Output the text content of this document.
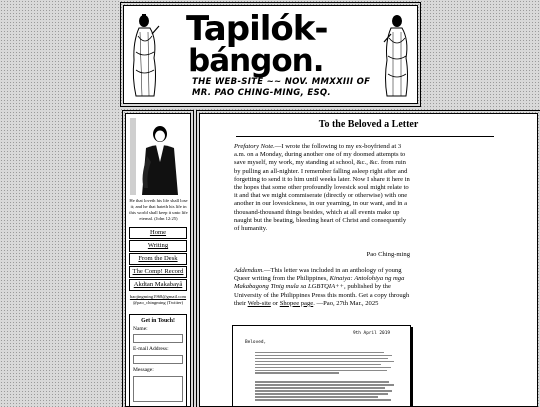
Tapilók-
bángon.
THE WEB-SITE ~~ NOV. MMXXIII OF MR. PAO CHING-MING, ESQ.
He that loveth his life shall lose it; and he that hateth his life in this world shall keep it unto life eternal. (John 12:25)
Home
Writing
From the Desk
The Comp! Record
Akdtan Makabayâ
baojingming1968@gmail.com
@pao_chingming (Twitter)
Get in Touch!
Name:
E-mail Address:
Message:
To the Beloved a Letter

Prefatory Note.—I wrote the following to my ex-boyfriend at 3 a.m. on a Monday, during another one of my doomed attempts to save myself, my work, my standing at school, &c., &c. from ruin by pulling an all-nighter. I remember falling asleep right after and forgetting to send it to him until weeks later. Now I share it here in the hopes that some other profoundly lovesick soul might relate to it and that we might commiserate (directly or otherwise) with one another in our lovesickness, in our yearning, in our want, and in a thousand-thousand things besides, which at all events make up naught but the beating, bleeding heart of Christ and consequently of humanity.

Pao Ching-ming

Addendum.—This letter was included in an anthology of young Queer writing from the Philippines, Kinaiya: Antolohiya ng mga Makabagong Tinig mula sa LGBTQIA++, published by the University of the Philippines Press this month. Get a copy through their Web-site or Shopee page. —Pao, 27th Mar., 2025

9th April 2019
Beloved,
